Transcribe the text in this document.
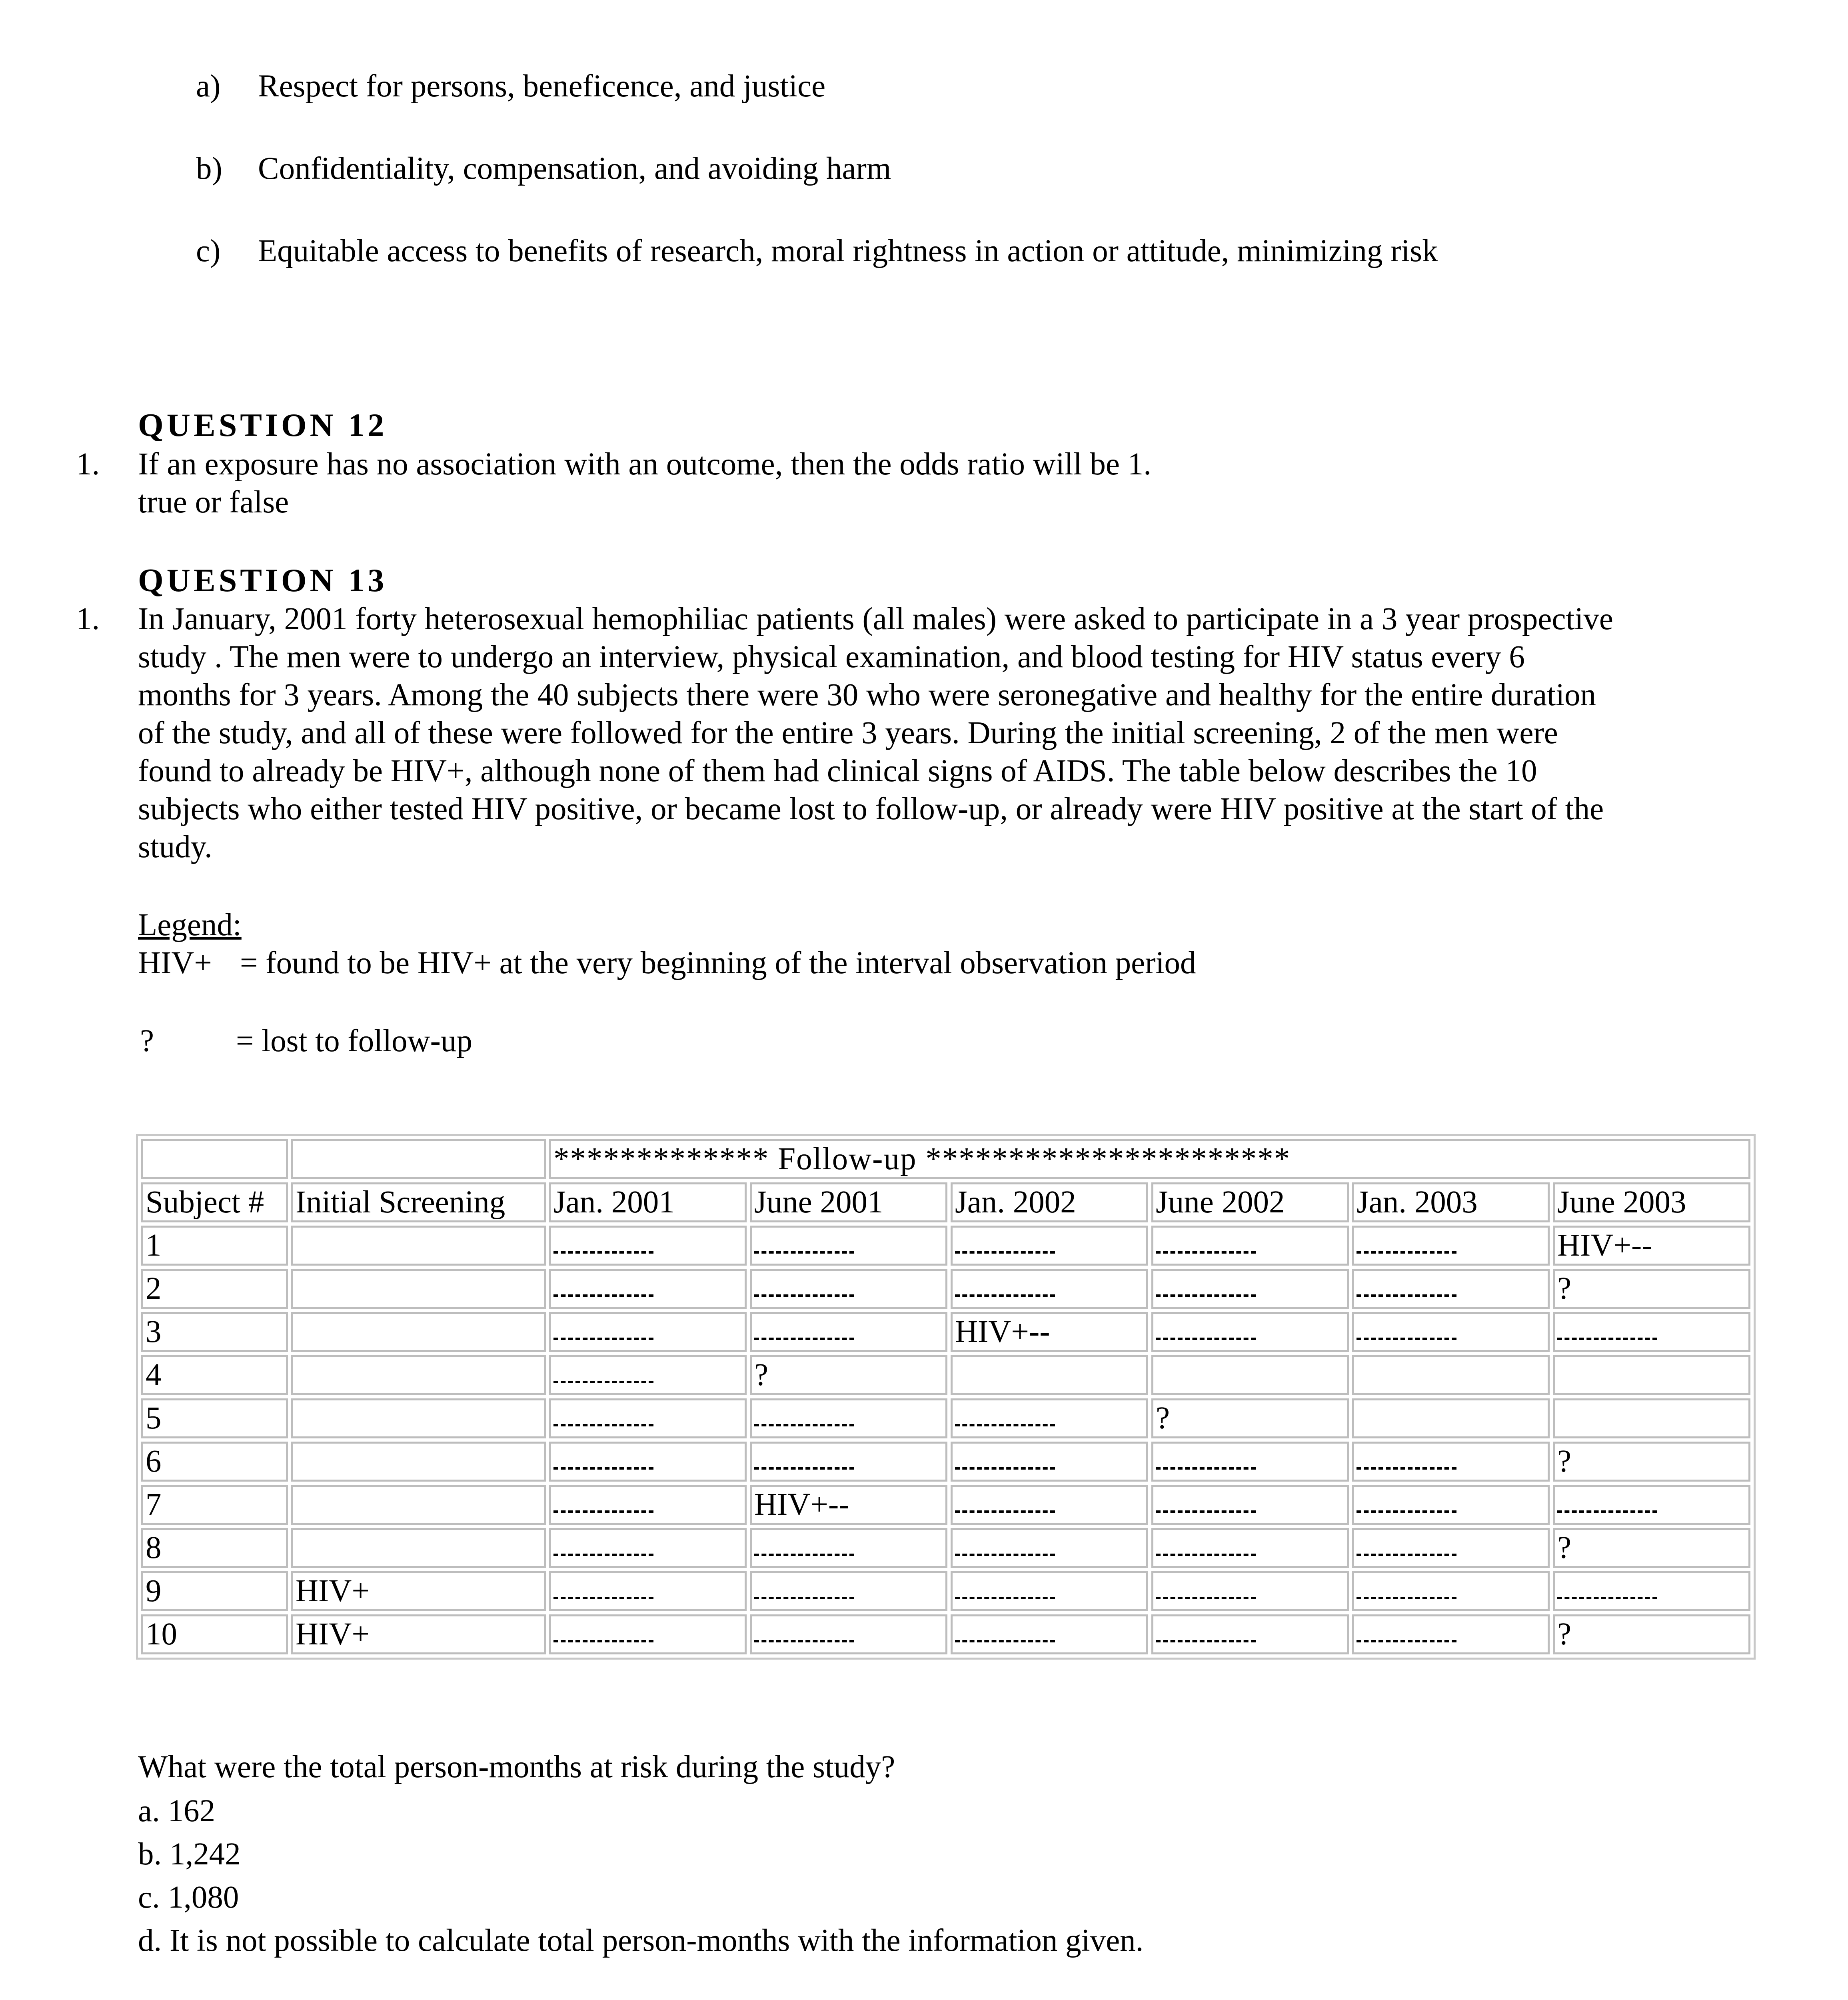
a) Respect for persons, beneficence, and justice
b) Confidentiality, compensation, and avoiding harm
c) Equitable access to benefits of research, moral rightness in action or attitude, minimizing risk
QUESTION 12
1. If an exposure has no association with an outcome, then the odds ratio will be 1.
true or false
QUESTION 13
1. In January, 2001 forty heterosexual hemophiliac patients (all males) were asked to participate in a 3 year prospective
study . The men were to undergo an interview, physical examination, and blood testing for HIV status every 6
months for 3 years. Among the 40 subjects there were 30 who were seronegative and healthy for the entire duration
of the study, and all of these were followed for the entire 3 years. During the initial screening, 2 of the men were
found to already be HIV+, although none of them had clinical signs of AIDS. The table below describes the 10
subjects who either tested HIV positive, or became lost to follow-up, or already were HIV positive at the start of the
study.
Legend:
HIV+ = found to be HIV+ at the very beginning of the interval observation period
?	= lost to follow-up
		************* Follow-up **********************					
Subject #	Initial Screening	Jan. 2001	June 2001	Jan. 2002	June 2002	Jan. 2003	June 2003
1							HIV+--
2							?
3				HIV+--			
4			?				
5					?		
6							?
7			HIV+--				
8							?
9	HIV+						
10	HIV+						?
What were the total person-months at risk during the study?
a. 162
b. 1,242
c. 1,080
d. It is not possible to calculate total person-months with the information given.
